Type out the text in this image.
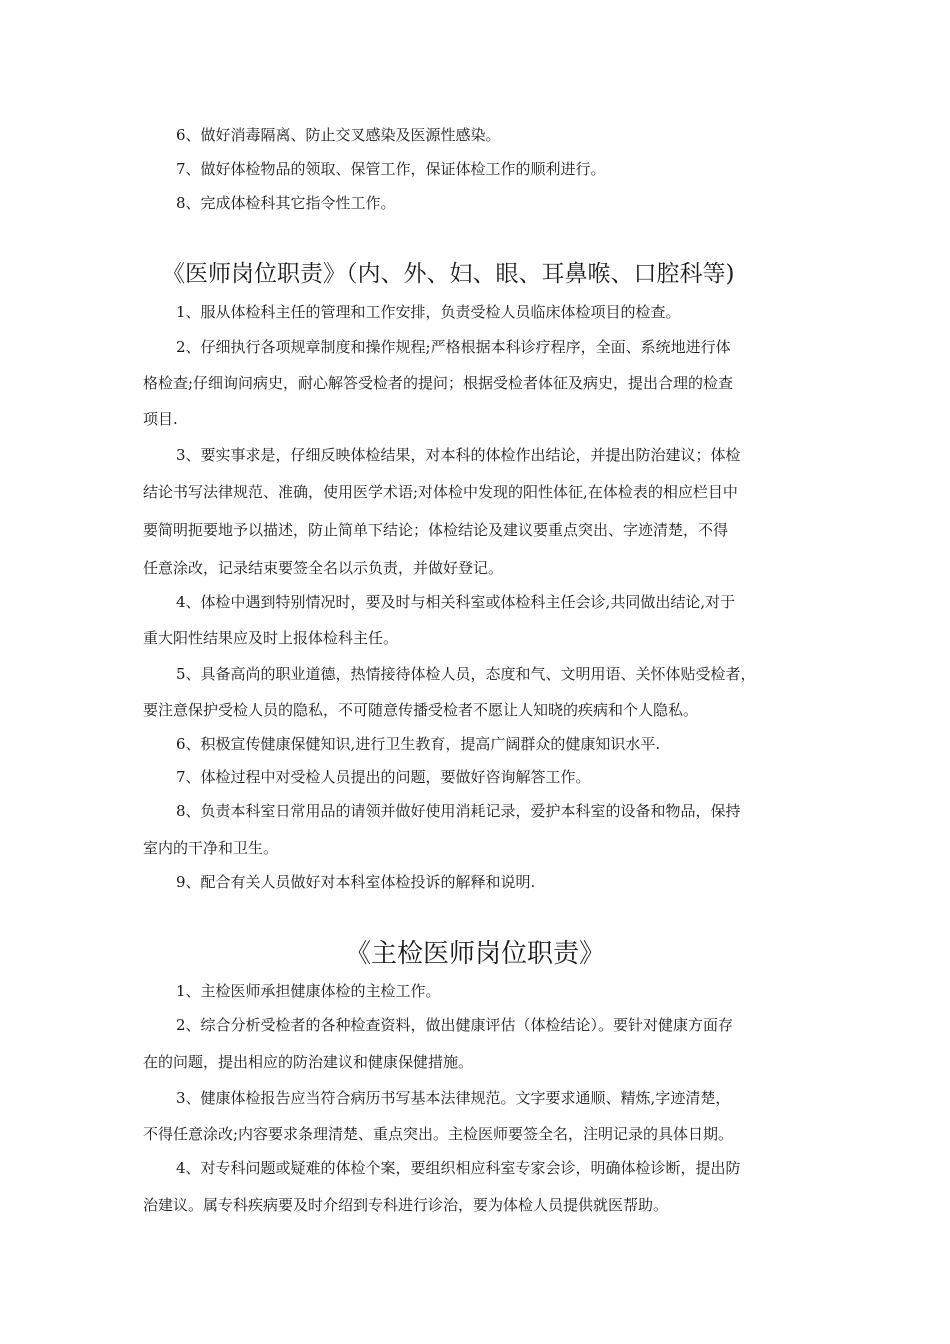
6、做好消毒隔离、防止交叉感染及医源性感染。
7、做好体检物品的领取、保管工作，保证体检工作的顺利进行。
8、完成体检科其它指令性工作。
《医师岗位职责》（内、外、妇、眼、耳鼻喉、口腔科等)
1、服从体检科主任的管理和工作安排，负责受检人员临床体检项目的检查。
2、仔细执行各项规章制度和操作规程;严格根据本科诊疗程序，全面、系统地进行体
格检查;仔细询问病史，耐心解答受检者的提问；根据受检者体征及病史，提出合理的检查
项目.
3、要实事求是，仔细反映体检结果，对本科的体检作出结论，并提出防治建议；体检
结论书写法律规范、准确，使用医学术语;对体检中发现的阳性体征,在体检表的相应栏目中
要简明扼要地予以描述，防止简单下结论；体检结论及建议要重点突出、字迹清楚，不得
任意涂改，记录结束要签全名以示负责，并做好登记。
4、体检中遇到特别情况时，要及时与相关科室或体检科主任会诊,共同做出结论,对于
重大阳性结果应及时上报体检科主任。
5、具备高尚的职业道德，热情接待体检人员，态度和气、文明用语、关怀体贴受检者，
要注意保护受检人员的隐私，不可随意传播受检者不愿让人知晓的疾病和个人隐私。
6、积极宣传健康保健知识,进行卫生教育，提高广阔群众的健康知识水平.
7、体检过程中对受检人员提出的问题，要做好咨询解答工作。
8、负责本科室日常用品的请领并做好使用消耗记录，爱护本科室的设备和物品，保持
室内的干净和卫生。
9、配合有关人员做好对本科室体检投诉的解释和说明.
《主检医师岗位职责》
1、主检医师承担健康体检的主检工作。
2、综合分析受检者的各种检查资料，做出健康评估（体检结论）。要针对健康方面存
在的问题，提出相应的防治建议和健康保健措施。
3、健康体检报告应当符合病历书写基本法律规范。文字要求通顺、精炼,字迹清楚，
不得任意涂改;内容要求条理清楚、重点突出。主检医师要签全名，注明记录的具体日期。
4、对专科问题或疑难的体检个案，要组织相应科室专家会诊，明确体检诊断，提出防
治建议。属专科疾病要及时介绍到专科进行诊治，要为体检人员提供就医帮助。
